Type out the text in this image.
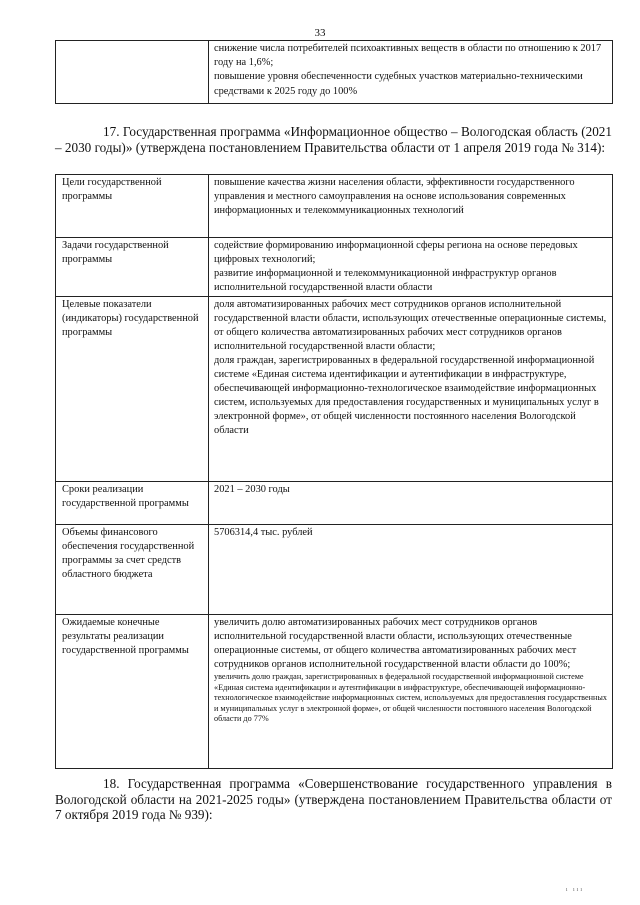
33

снижение числа потребителей психоактивных веществ в области по отношению к 2017 году на 1,6%;
повышение уровня обеспеченности судебных участков материально-техническими средствами к 2025 году до 100%
17. Государственная программа «Информационное общество – Вологодская область (2021 – 2030 годы)» (утверждена постановлением Правительства области от 1 апреля 2019 года № 314):
Цели государственной программы	повышение качества жизни населения области, эффективности государственного управления и местного самоуправления на основе использования современных информационных и телекоммуникационных технологий

Задачи государственной программы	содействие формированию информационной сферы региона на основе передовых цифровых технологий;
развитие информационной и телекоммуникационной инфраструктур органов исполнительной государственной власти области

Целевые показатели (индикаторы) государственной программы	доля автоматизированных рабочих мест сотрудников органов исполнительной государственной власти области, использующих отечественные операционные системы, от общего количества автоматизированных рабочих мест сотрудников органов исполнительной государственной власти области;
доля граждан, зарегистрированных в федеральной государственной информационной системе «Единая система идентификации и аутентификации в инфраструктуре, обеспечивающей информационно-технологическое взаимодействие информационных систем, используемых для предоставления государственных и муниципальных услуг в электронной форме», от общей численности постоянного населения Вологодской области

Сроки реализации государственной программы	2021 – 2030 годы

Объемы финансового обеспечения государственной программы за счет средств областного бюджета	5706314,4 тыс. рублей

Ожидаемые конечные результаты реализации государственной программы	увеличить долю автоматизированных рабочих мест сотрудников органов исполнительной государственной власти области, использующих отечественные операционные системы, от общего количества автоматизированных рабочих мест сотрудников органов исполнительной государственной власти области до 100%;
увеличить долю граждан, зарегистрированных в федеральной государственной информационной системе «Единая система идентификации и аутентификации в инфраструктуре, обеспечивающей информационно-технологическое взаимодействие информационных систем, используемых для предоставления государственных и муниципальных услуг в электронной форме», от общей численности постоянного населения Вологодской области до 77%
18. Государственная программа «Совершенствование государственного управления в Вологодской области на 2021-2025 годы» (утверждена постановлением Правительства области от 7 октября 2019 года № 939):
ı ııı
